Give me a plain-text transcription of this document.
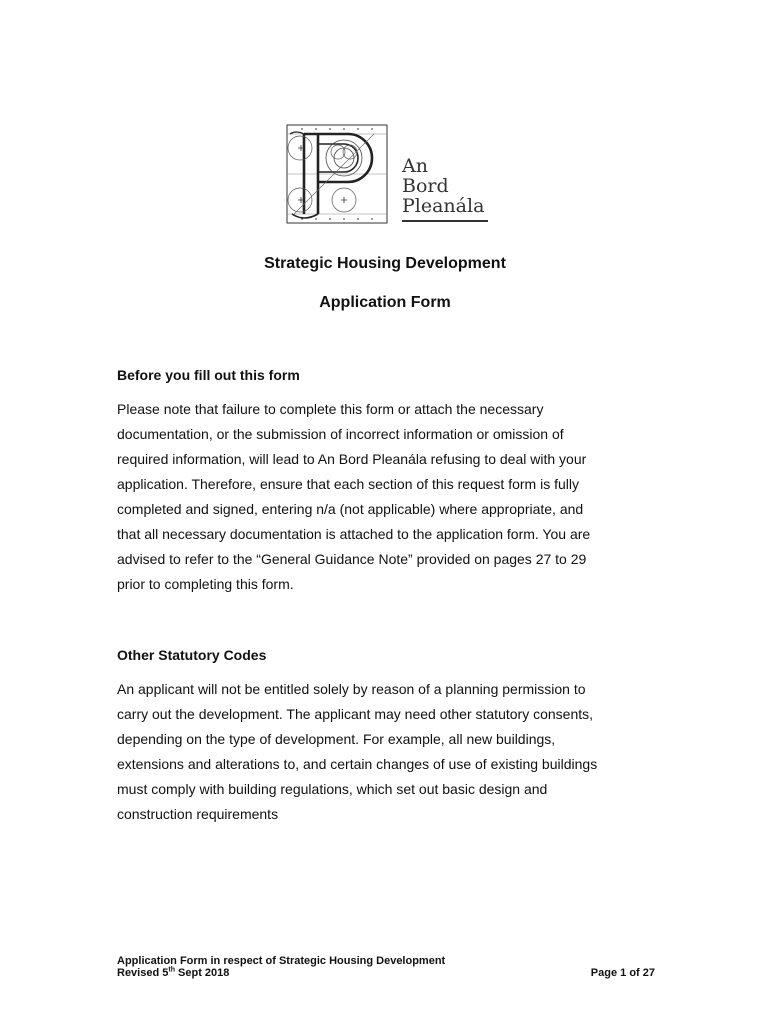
An
Bord
Pleanála
Strategic Housing Development
Application Form
Before you fill out this form

Please note that failure to complete this form or attach the necessary
documentation, or the submission of incorrect information or omission of
required information, will lead to An Bord Pleanála refusing to deal with your
application. Therefore, ensure that each section of this request form is fully
completed and signed, entering n/a (not applicable) where appropriate, and
that all necessary documentation is attached to the application form. You are
advised to refer to the “General Guidance Note” provided on pages 27 to 29
prior to completing this form.

Other Statutory Codes

An applicant will not be entitled solely by reason of a planning permission to
carry out the development. The applicant may need other statutory consents,
depending on the type of development. For example, all new buildings,
extensions and alterations to, and certain changes of use of existing buildings
must comply with building regulations, which set out basic design and
construction requirements

Application Form in respect of Strategic Housing Development
Revised 5th Sept 2018	Page 1 of 27
